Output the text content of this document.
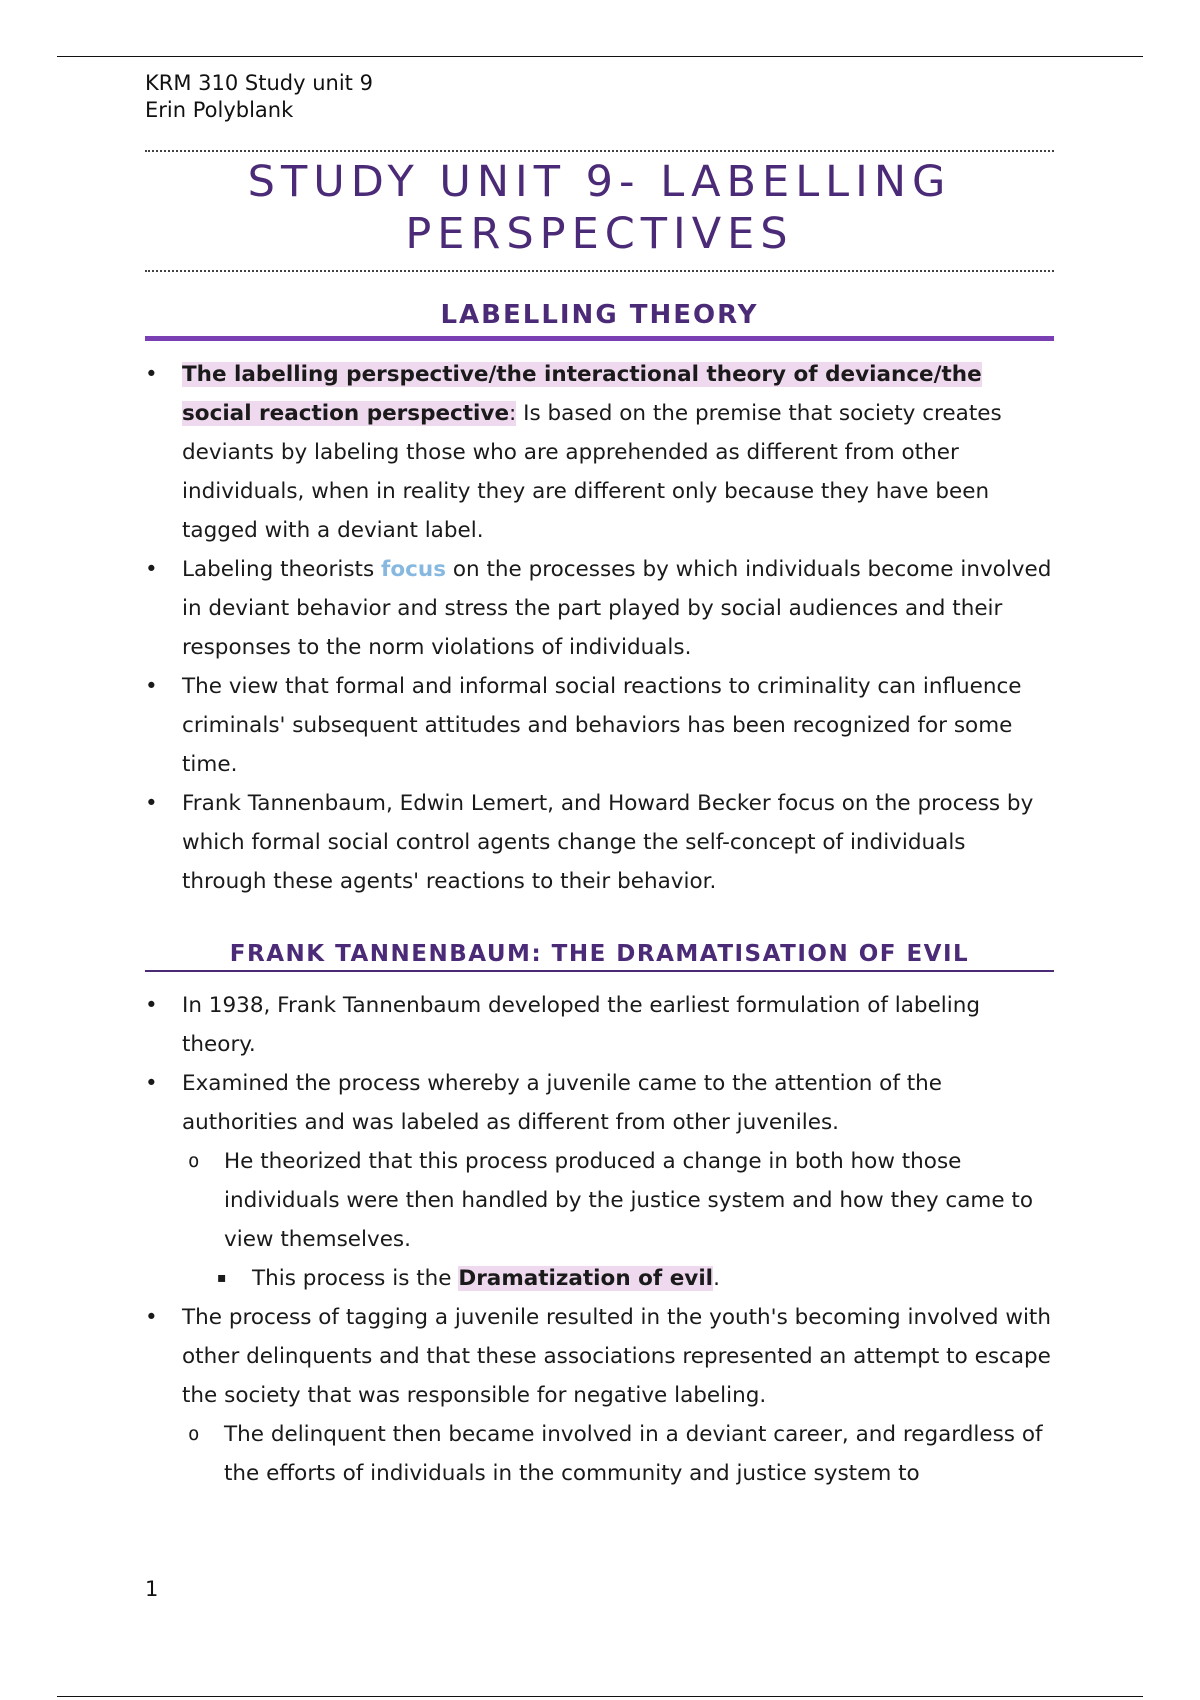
KRM 310 Study unit 9
Erin Polyblank
STUDY UNIT 9- LABELLING
PERSPECTIVES
LABELLING THEORY
• The labelling perspective/the interactional theory of deviance/the social reaction perspective: Is based on the premise that society creates deviants by labeling those who are apprehended as different from other individuals, when in reality they are different only because they have been tagged with a deviant label.
• Labeling theorists focus on the processes by which individuals become involved in deviant behavior and stress the part played by social audiences and their responses to the norm violations of individuals.
• The view that formal and informal social reactions to criminality can influence criminals' subsequent attitudes and behaviors has been recognized for some time.
• Frank Tannenbaum, Edwin Lemert, and Howard Becker focus on the process by which formal social control agents change the self-concept of individuals through these agents' reactions to their behavior.
FRANK TANNENBAUM: THE DRAMATISATION OF EVIL
• In 1938, Frank Tannenbaum developed the earliest formulation of labeling theory.
• Examined the process whereby a juvenile came to the attention of the authorities and was labeled as different from other juveniles.
o He theorized that this process produced a change in both how those individuals were then handled by the justice system and how they came to view themselves.
▪ This process is the Dramatization of evil.
• The process of tagging a juvenile resulted in the youth's becoming involved with other delinquents and that these associations represented an attempt to escape the society that was responsible for negative labeling.
o The delinquent then became involved in a deviant career, and regardless of the efforts of individuals in the community and justice system to
1
